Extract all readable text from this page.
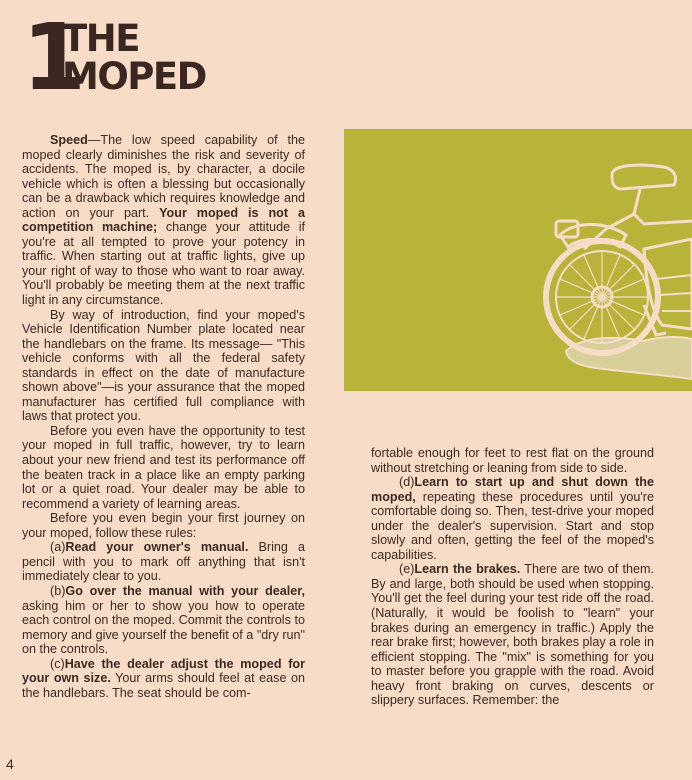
1
THE
MOPED

Speed—The low speed capability of the moped clearly diminishes the risk and severity of accidents. The moped is, by character, a docile vehicle which is often a blessing but occasionally can be a drawback which requires knowledge and action on your part. Your moped is not a competition machine; change your attitude if you're at all tempted to prove your potency in traffic. When starting out at traffic lights, give up your right of way to those who want to roar away. You'll probably be meeting them at the next traffic light in any circumstance.

By way of introduction, find your moped's Vehicle Identification Number plate located near the handlebars on the frame. Its message— "This vehicle conforms with all the federal safety standards in effect on the date of manufacture shown above"—is your assurance that the moped manufacturer has certified full compliance with laws that protect you.

Before you even have the opportunity to test your moped in full traffic, however, try to learn about your new friend and test its performance off the beaten track in a place like an empty parking lot or a quiet road. Your dealer may be able to recommend a variety of learning areas.

Before you even begin your first journey on your moped, follow these rules:

(a)Read your owner's manual. Bring a pencil with you to mark off anything that isn't immediately clear to you.

(b)Go over the manual with your dealer, asking him or her to show you how to operate each control on the moped. Commit the controls to memory and give yourself the benefit of a "dry run" on the controls.

(c)Have the dealer adjust the moped for your own size. Your arms should feel at ease on the handlebars. The seat should be com-

fortable enough for feet to rest flat on the ground without stretching or leaning from side to side.

(d)Learn to start up and shut down the moped, repeating these procedures until you're comfortable doing so. Then, test-drive your moped under the dealer's supervision. Start and stop slowly and often, getting the feel of the moped's capabilities.

(e)Learn the brakes. There are two of them. By and large, both should be used when stopping. You'll get the feel during your test ride off the road. (Naturally, it would be foolish to "learn" your brakes during an emergency in traffic.) Apply the rear brake first; however, both brakes play a role in efficient stopping. The "mix" is something for you to master before you grapple with the road. Avoid heavy front braking on curves, descents or slippery surfaces. Remember: the

4
